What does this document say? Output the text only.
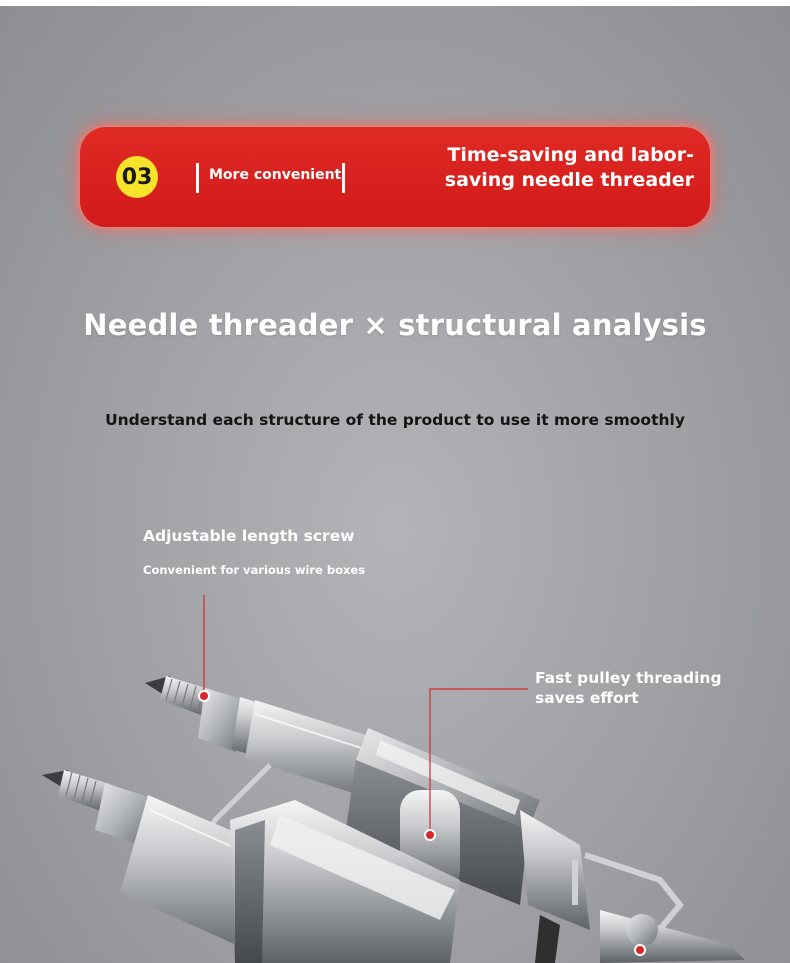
03	More convenient
Time-saving and labor-saving needle threader
Needle threader × structural analysis
Understand each structure of the product to use it more smoothly
Adjustable length screw
Convenient for various wire boxes
Fast pulley threading saves effort
